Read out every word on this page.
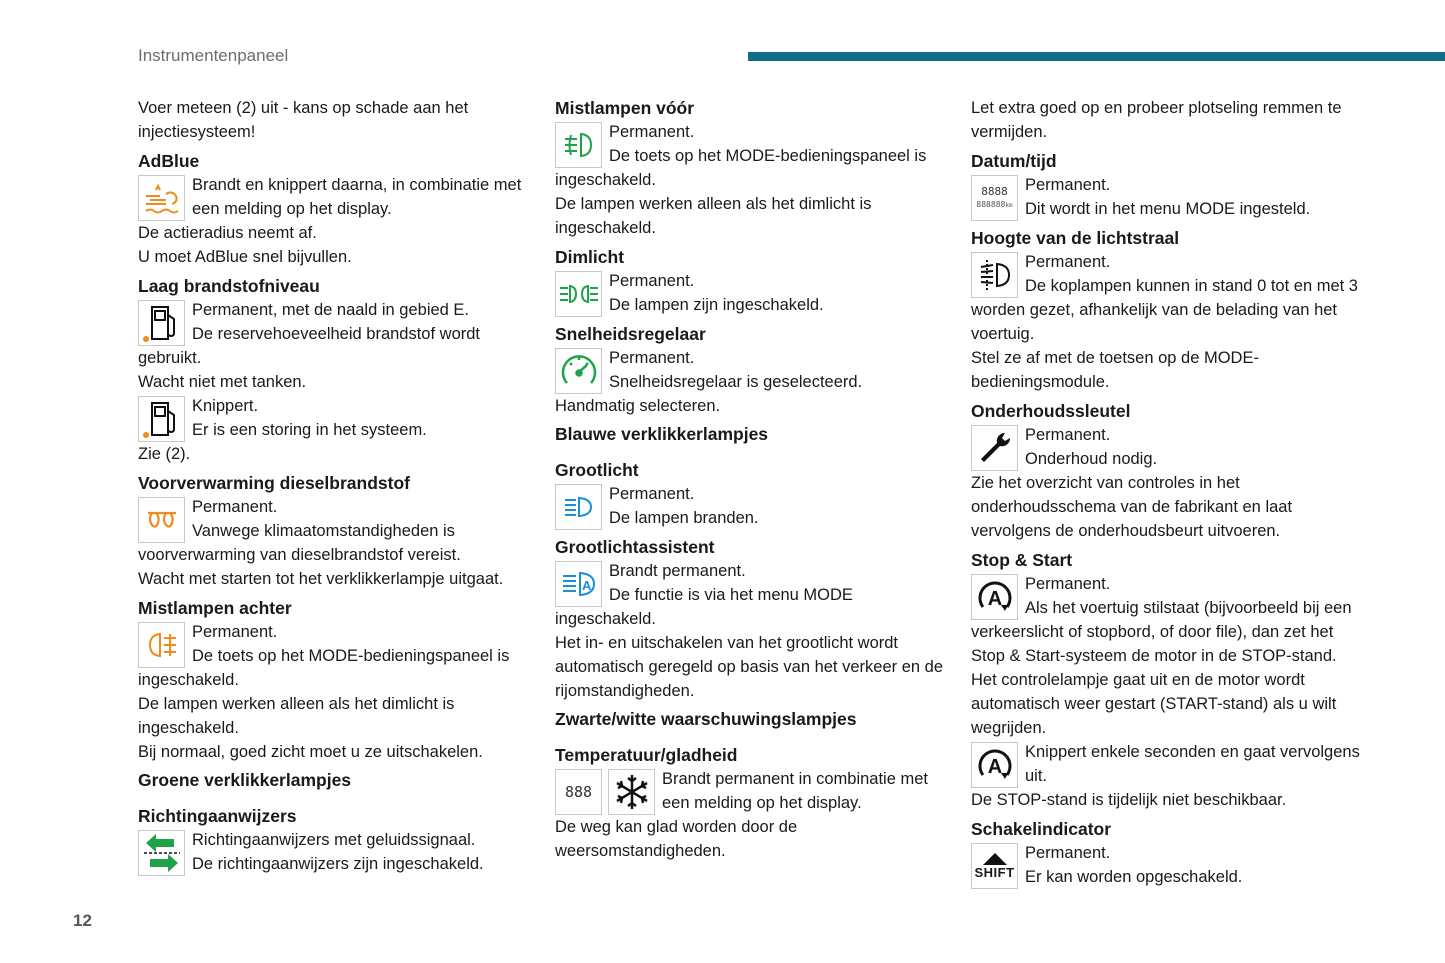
Instrumentenpaneel

Voer meteen (2) uit - kans op schade aan het injectiesysteem!

AdBlue

Brandt en knippert daarna, in combinatie met een melding op het display.

De actieradius neemt af.

U moet AdBlue snel bijvullen.

Laag brandstofniveau

Permanent, met de naald in gebied E.

De reservehoeveelheid brandstof wordt gebruikt.

Wacht niet met tanken.

Knippert.

Er is een storing in het systeem.

Zie (2).

Voorverwarming dieselbrandstof

Permanent.

Vanwege klimaatomstandigheden is voorverwarming van dieselbrandstof vereist.

Wacht met starten tot het verklikkerlampje uitgaat.

Mistlampen achter

Permanent.

De toets op het MODE-bedieningspaneel is ingeschakeld.

De lampen werken alleen als het dimlicht is ingeschakeld.

Bij normaal, goed zicht moet u ze uitschakelen.

Groene verklikkerlampjes
Richtingaanwijzers

Richtingaanwijzers met geluidssignaal.

De richtingaanwijzers zijn ingeschakeld.

Mistlampen vóór

Permanent.

De toets op het MODE-bedieningspaneel is ingeschakeld.

De lampen werken alleen als het dimlicht is ingeschakeld.

Dimlicht

Permanent.

De lampen zijn ingeschakeld.

Snelheidsregelaar

Permanent.

Snelheidsregelaar is geselecteerd.

Handmatig selecteren.

Blauwe verklikkerlampjes
Grootlicht

Permanent.

De lampen branden.

Grootlichtassistent
A

Brandt permanent.

De functie is via het menu MODE ingeschakeld.

Het in- en uitschakelen van het grootlicht wordt automatisch geregeld op basis van het verkeer en de rijomstandigheden.

Zwarte/witte waarschuwingslampjes
Temperatuur/gladheid
888

Brandt permanent in combinatie met een melding op het display.

De weg kan glad worden door de weersomstandigheden.

Let extra goed op en probeer plotseling remmen te vermijden.

Datum/tijd
8888
888888km

Permanent.

Dit wordt in het menu MODE ingesteld.

Hoogte van de lichtstraal

Permanent.

De koplampen kunnen in stand 0 tot en met 3 worden gezet, afhankelijk van de belading van het voertuig.

Stel ze af met de toetsen op de MODE-bedieningsmodule.

Onderhoudssleutel

Permanent.

Onderhoud nodig.

Zie het overzicht van controles in het onderhoudsschema van de fabrikant en laat vervolgens de onderhoudsbeurt uitvoeren.

Stop & Start
A

Permanent.

Als het voertuig stilstaat (bijvoorbeeld bij een verkeerslicht of stopbord, of door file), dan zet het Stop & Start-systeem de motor in de STOP-stand.

Het controlelampje gaat uit en de motor wordt automatisch weer gestart (START-stand) als u wilt wegrijden.

A

Knippert enkele seconden en gaat vervolgens uit.

De STOP-stand is tijdelijk niet beschikbaar.

Schakelindicator
SHIFT

Permanent.

Er kan worden opgeschakeld.

12
